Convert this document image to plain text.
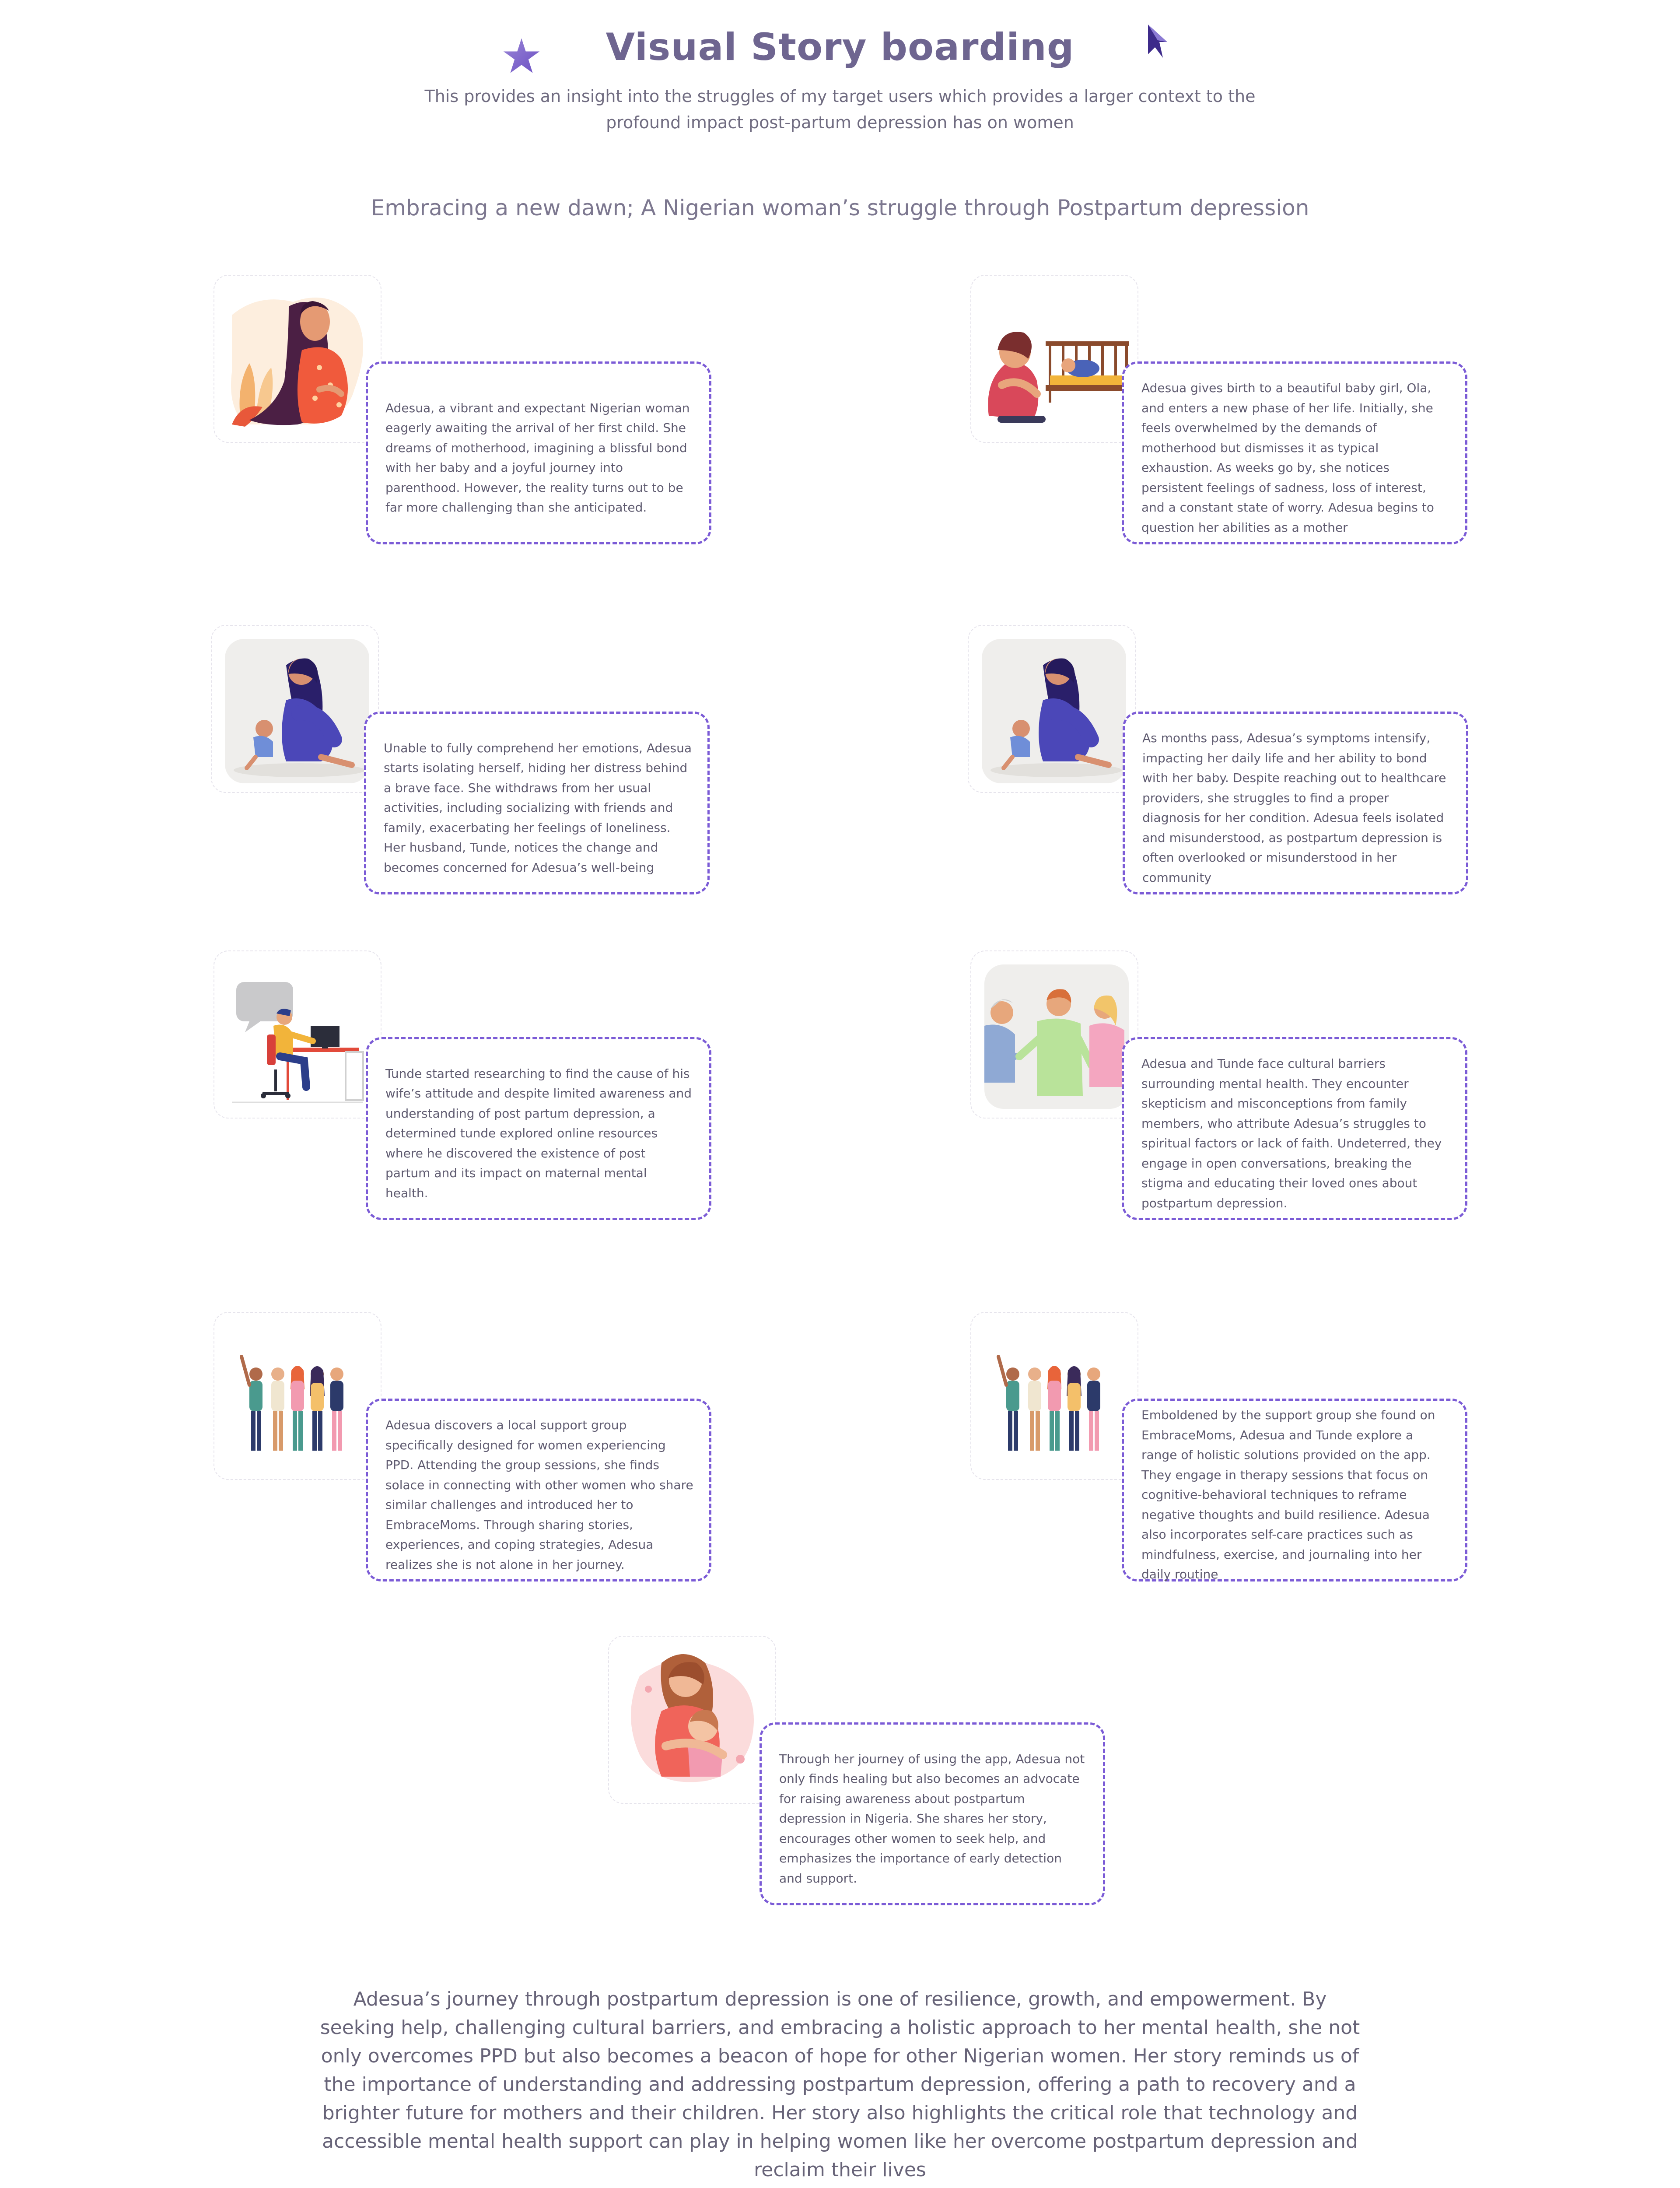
Visual Story boarding
This provides an insight into the struggles of my target users which provides a larger context to the profound impact post-partum depression has on women
Embracing a new dawn; A Nigerian woman’s struggle through Postpartum depression
Adesua, a vibrant and expectant Nigerian woman eagerly awaiting the arrival of her first child. She dreams of motherhood, imagining a blissful bond with her baby and a joyful journey into parenthood. However, the reality turns out to be far more challenging than she anticipated.
Adesua gives birth to a beautiful baby girl, Ola, and enters a new phase of her life. Initially, she feels overwhelmed by the demands of motherhood but dismisses it as typical exhaustion. As weeks go by, she notices persistent feelings of sadness, loss of interest, and a constant state of worry. Adesua begins to question her abilities as a mother
Unable to fully comprehend her emotions, Adesua starts isolating herself, hiding her distress behind a brave face. She withdraws from her usual activities, including socializing with friends and family, exacerbating her feelings of loneliness. Her husband, Tunde, notices the change and becomes concerned for Adesua’s well-being
As months pass, Adesua’s symptoms intensify, impacting her daily life and her ability to bond with her baby. Despite reaching out to healthcare providers, she struggles to find a proper diagnosis for her condition. Adesua feels isolated and misunderstood, as postpartum depression is often overlooked or misunderstood in her community
Tunde started researching to find the cause of his wife’s attitude and despite limited awareness and understanding of post partum depression, a determined tunde explored online resources where he discovered the existence of post partum and its impact on maternal mental health.
Adesua and Tunde face cultural barriers surrounding mental health. They encounter skepticism and misconceptions from family members, who attribute Adesua’s struggles to spiritual factors or lack of faith. Undeterred, they engage in open conversations, breaking the stigma and educating their loved ones about postpartum depression.
Adesua discovers a local support group specifically designed for women experiencing PPD. Attending the group sessions, she finds solace in connecting with other women who share similar challenges and introduced her to EmbraceMoms. Through sharing stories, experiences, and coping strategies, Adesua realizes she is not alone in her journey.
Emboldened by the support group she found on EmbraceMoms, Adesua and Tunde explore a range of holistic solutions provided on the app. They engage in therapy sessions that focus on cognitive-behavioral techniques to reframe negative thoughts and build resilience. Adesua also incorporates self-care practices such as mindfulness, exercise, and journaling into her daily routine
Through her journey of using the app, Adesua not only finds healing but also becomes an advocate for raising awareness about postpartum depression in Nigeria. She shares her story, encourages other women to seek help, and emphasizes the importance of early detection and support.
Adesua’s journey through postpartum depression is one of resilience, growth, and empowerment. By seeking help, challenging cultural barriers, and embracing a holistic approach to her mental health, she not only overcomes PPD but also becomes a beacon of hope for other Nigerian women. Her story reminds us of the importance of understanding and addressing postpartum depression, offering a path to recovery and a brighter future for mothers and their children. Her story also highlights the critical role that technology and accessible mental health support can play in helping women like her overcome postpartum depression and reclaim their lives
